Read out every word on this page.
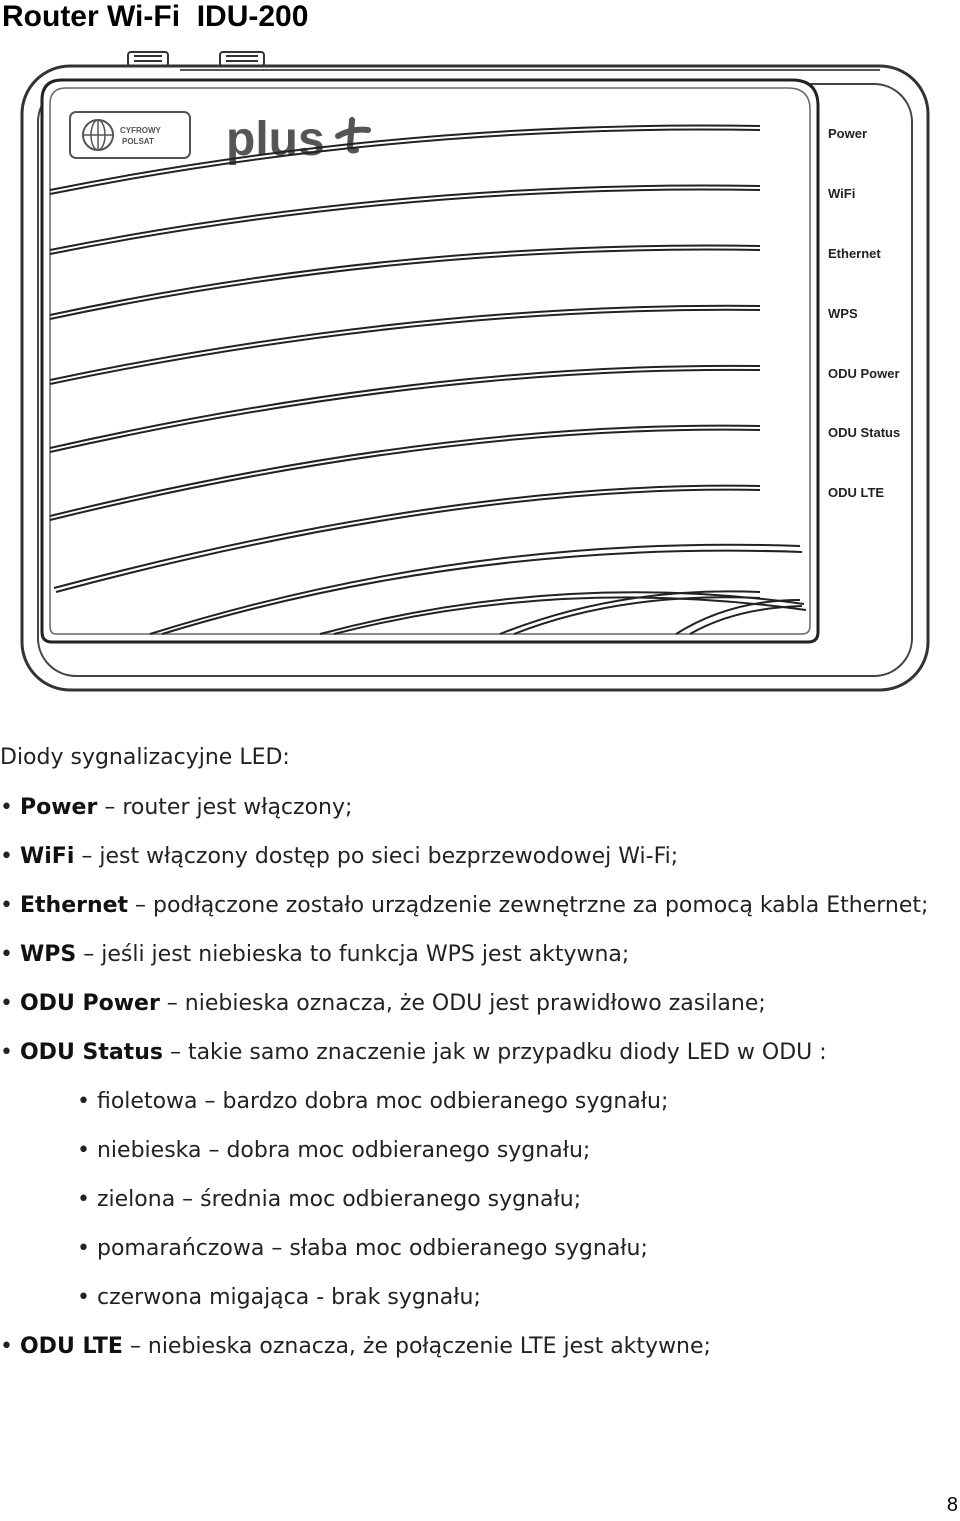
Router Wi-Fi  IDU-200
CYFROWY
POLSAT plus	Power
WiFi
Ethernet
WPS
ODU Power
ODU Status
ODU LTE

Diody sygnalizacyjne LED:

• Power – router jest włączony;
• WiFi – jest włączony dostęp po sieci bezprzewodowej Wi-Fi;
• Ethernet – podłączone zostało urządzenie zewnętrzne za pomocą kabla Ethernet;
• WPS – jeśli jest niebieska to funkcja WPS jest aktywna;
• ODU Power – niebieska oznacza, że ODU jest prawidłowo zasilane;
• ODU Status – takie samo znaczenie jak w przypadku diody LED w ODU :
• fioletowa – bardzo dobra moc odbieranego sygnału;
• niebieska – dobra moc odbieranego sygnału;
• zielona – średnia moc odbieranego sygnału;
• pomarańczowa – słaba moc odbieranego sygnału;
• czerwona migająca - brak sygnału;
• ODU LTE – niebieska oznacza, że połączenie LTE jest aktywne;
8
